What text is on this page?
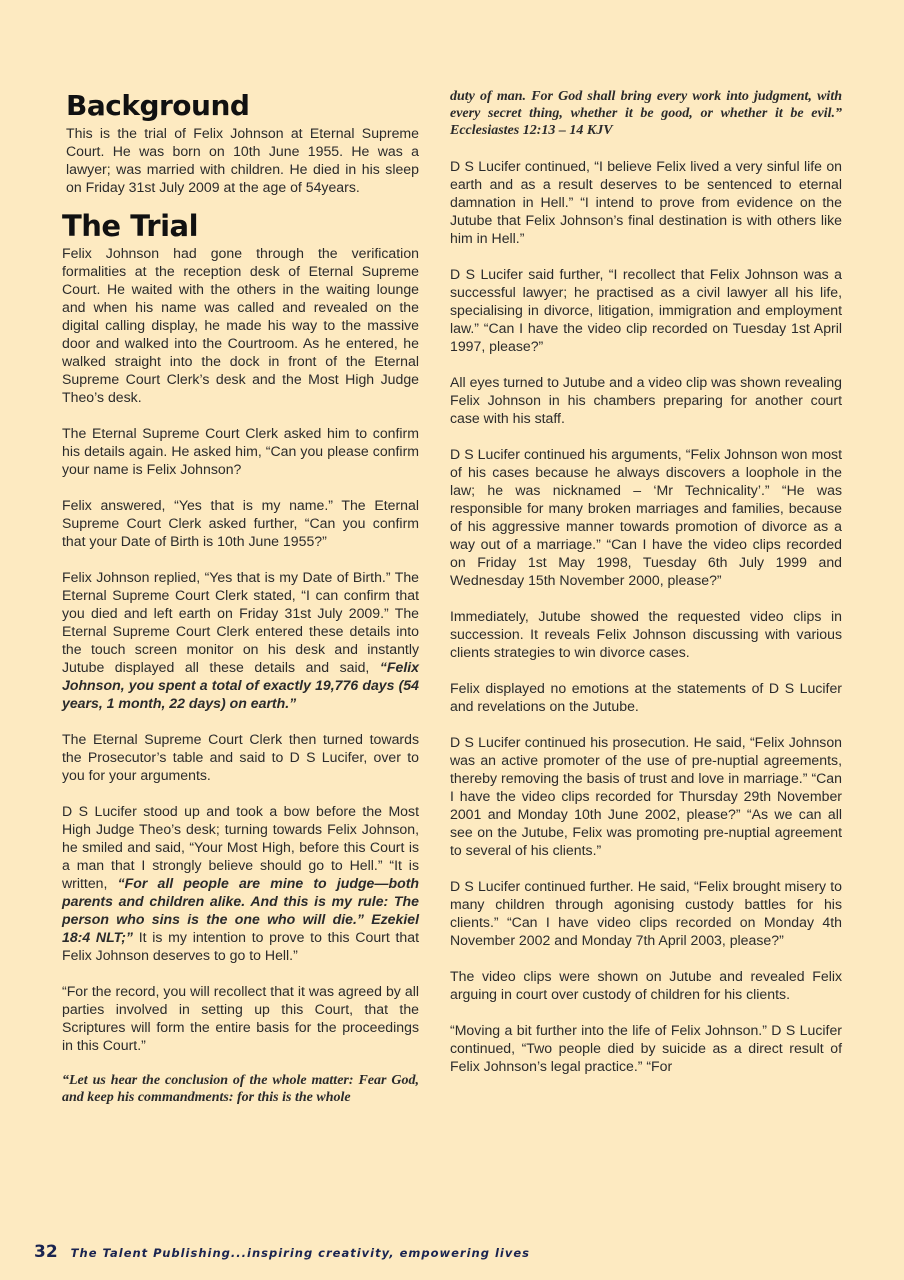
Background

This is the trial of Felix Johnson at Eternal Supreme Court. He was born on 10th June 1955. He was a lawyer; was married with children. He died in his sleep on Friday 31st July 2009 at the age of 54years.

The Trial

Felix Johnson had gone through the verification formalities at the reception desk of Eternal Supreme Court. He waited with the others in the waiting lounge and when his name was called and revealed on the digital calling display, he made his way to the massive door and walked into the Courtroom. As he entered, he walked straight into the dock in front of the Eternal Supreme Court Clerk’s desk and the Most High Judge Theo’s desk.

The Eternal Supreme Court Clerk asked him to confirm his details again. He asked him, “Can you please confirm your name is Felix Johnson?

Felix answered, “Yes that is my name.” The Eternal Supreme Court Clerk asked further, “Can you confirm that your Date of Birth is 10th June 1955?”

Felix Johnson replied, “Yes that is my Date of Birth.” The Eternal Supreme Court Clerk stated, “I can confirm that you died and left earth on Friday 31st July 2009.” The Eternal Supreme Court Clerk entered these details into the touch screen monitor on his desk and instantly Jutube displayed all these details and said, “Felix Johnson, you spent a total of exactly 19,776 days (54 years, 1 month, 22 days) on earth.”

The Eternal Supreme Court Clerk then turned towards the Prosecutor’s table and said to D S Lucifer, over to you for your arguments.

D S Lucifer stood up and took a bow before the Most High Judge Theo’s desk; turning towards Felix Johnson, he smiled and said, “Your Most High, before this Court is a man that I strongly believe should go to Hell.” “It is written, “For all people are mine to judge—both parents and children alike. And this is my rule: The person who sins is the one who will die.” Ezekiel 18:4 NLT;” It is my intention to prove to this Court that Felix Johnson deserves to go to Hell.”

“For the record, you will recollect that it was agreed by all parties involved in setting up this Court, that the Scriptures will form the entire basis for the proceedings in this Court.”

“Let us hear the conclusion of the whole matter: Fear God, and keep his commandments: for this is the whole

duty of man. For God shall bring every work into judgment, with every secret thing, whether it be good, or whether it be evil.” Ecclesiastes 12:13 – 14 KJV

D S Lucifer continued, “I believe Felix lived a very sinful life on earth and as a result deserves to be sentenced to eternal damnation in Hell.” “I intend to prove from evidence on the Jutube that Felix Johnson’s final destination is with others like him in Hell.”

D S Lucifer said further, “I recollect that Felix Johnson was a successful lawyer; he practised as a civil lawyer all his life, specialising in divorce, litigation, immigration and employment law.” “Can I have the video clip recorded on Tuesday 1st April 1997, please?”

All eyes turned to Jutube and a video clip was shown revealing Felix Johnson in his chambers preparing for another court case with his staff.

D S Lucifer continued his arguments, “Felix Johnson won most of his cases because he always discovers a loophole in the law; he was nicknamed – ‘Mr Technicality’.” “He was responsible for many broken marriages and families, because of his aggressive manner towards promotion of divorce as a way out of a marriage.” “Can I have the video clips recorded on Friday 1st May 1998, Tuesday 6th July 1999 and Wednesday 15th November 2000, please?”

Immediately, Jutube showed the requested video clips in succession. It reveals Felix Johnson discussing with various clients strategies to win divorce cases.

Felix displayed no emotions at the statements of D S Lucifer and revelations on the Jutube.

D S Lucifer continued his prosecution. He said, “Felix Johnson was an active promoter of the use of pre-nuptial agreements, thereby removing the basis of trust and love in marriage.” “Can I have the video clips recorded for Thursday 29th November 2001 and Monday 10th June 2002, please?” “As we can all see on the Jutube, Felix was promoting pre-nuptial agreement to several of his clients.”

D S Lucifer continued further. He said, “Felix brought misery to many children through agonising custody battles for his clients.” “Can I have video clips recorded on Monday 4th November 2002 and Monday 7th April 2003, please?”

The video clips were shown on Jutube and revealed Felix arguing in court over custody of children for his clients.

“Moving a bit further into the life of Felix Johnson.” D S Lucifer continued, “Two people died by suicide as a direct result of Felix Johnson’s legal practice.” “For

32 The Talent Publishing...inspiring creativity, empowering lives
